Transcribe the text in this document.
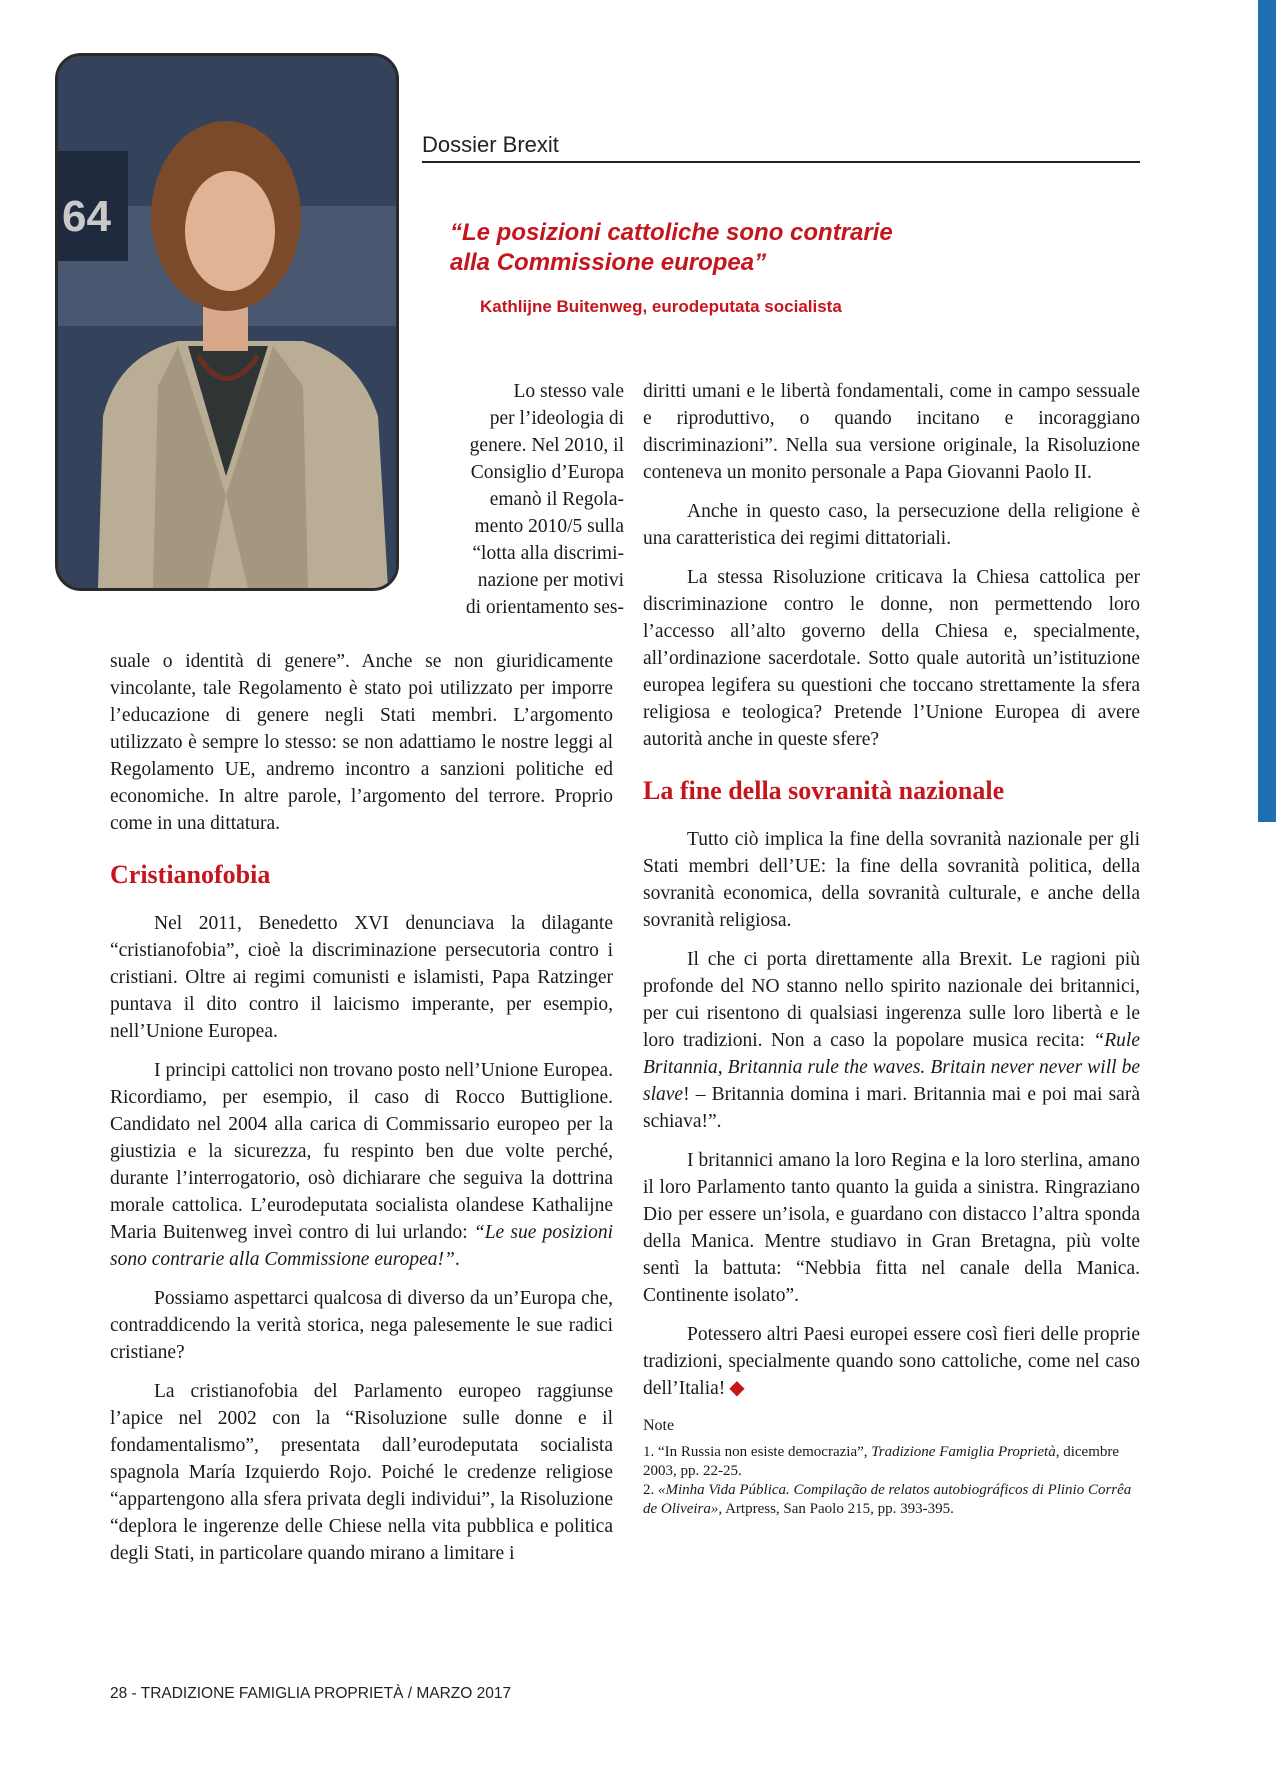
64
Dossier Brexit
“Le posizioni cattoliche sono contrarie
alla Commissione europea”
Kathlijne Buitenweg, eurodeputata socialista
Lo stesso vale
per l’ideologia di
genere. Nel 2010, il
Consiglio d’Europa
emanò il Regola-
mento 2010/5 sulla
“lotta alla discrimi-
nazione per motivi
di orientamento ses-

suale o identità di genere”. Anche se non giuridicamente vincolante, tale Regolamento è stato poi utilizzato per imporre l’educazione di genere negli Stati membri. L’argomento utilizzato è sempre lo stesso: se non adattiamo le nostre leggi al Regolamento UE, andremo incontro a sanzioni politiche ed economiche. In altre parole, l’argomento del terrore. Proprio come in una dittatura.

Cristianofobia

Nel 2011, Benedetto XVI denunciava la dilagante “cristianofobia”, cioè la discriminazione persecutoria contro i cristiani. Oltre ai regimi comunisti e islamisti, Papa Ratzinger puntava il dito contro il laicismo imperante, per esempio, nell’Unione Europea.

I principi cattolici non trovano posto nell’Unione Europea. Ricordiamo, per esempio, il caso di Rocco Buttiglione. Candidato nel 2004 alla carica di Commissario europeo per la giustizia e la sicurezza, fu respinto ben due volte perché, durante l’interrogatorio, osò dichiarare che seguiva la dottrina morale cattolica. L’eurodeputata socialista olandese Kathalijne Maria Buitenweg inveì contro di lui urlando: “Le sue posizioni sono contrarie alla Commissione europea!”.

Possiamo aspettarci qualcosa di diverso da un’Europa che, contraddicendo la verità storica, nega palesemente le sue radici cristiane?

La cristianofobia del Parlamento europeo raggiunse l’apice nel 2002 con la “Risoluzione sulle donne e il fondamentalismo”, presentata dall’eurodeputata socialista spagnola María Izquierdo Rojo. Poiché le credenze religiose “appartengono alla sfera privata degli individui”, la Risoluzione “deplora le ingerenze delle Chiese nella vita pubblica e politica degli Stati, in particolare quando mirano a limitare i

diritti umani e le libertà fondamentali, come in campo sessuale e riproduttivo, o quando incitano e incoraggiano discriminazioni”. Nella sua versione originale, la Risoluzione conteneva un monito personale a Papa Giovanni Paolo II.

Anche in questo caso, la persecuzione della religione è una caratteristica dei regimi dittatoriali.

La stessa Risoluzione criticava la Chiesa cattolica per discriminazione contro le donne, non permettendo loro l’accesso all’alto governo della Chiesa e, specialmente, all’ordinazione sacerdotale. Sotto quale autorità un’istituzione europea legifera su questioni che toccano strettamente la sfera religiosa e teologica? Pretende l’Unione Europea di avere autorità anche in queste sfere?

La fine della sovranità nazionale

Tutto ciò implica la fine della sovranità nazionale per gli Stati membri dell’UE: la fine della sovranità politica, della sovranità economica, della sovranità culturale, e anche della sovranità religiosa.

Il che ci porta direttamente alla Brexit. Le ragioni più profonde del NO stanno nello spirito nazionale dei britannici, per cui risentono di qualsiasi ingerenza sulle loro libertà e le loro tradizioni. Non a caso la popolare musica recita: “Rule Britannia, Britannia rule the waves. Britain never never will be slave! – Britannia domina i mari. Britannia mai e poi mai sarà schiava!”.

I britannici amano la loro Regina e la loro sterlina, amano il loro Parlamento tanto quanto la guida a sinistra. Ringraziano Dio per essere un’isola, e guardano con distacco l’altra sponda della Manica. Mentre studiavo in Gran Bretagna, più volte sentì la battuta: “Nebbia fitta nel canale della Manica. Continente isolato”.

Potessero altri Paesi europei essere così fieri delle proprie tradizioni, specialmente quando sono cattoliche, come nel caso dell’Italia! ◆

Note

1. “In Russia non esiste democrazia”, Tradizione Famiglia Proprietà, dicembre 2003, pp. 22-25.

2. «Minha Vida Pública. Compilação de relatos autobiográficos di Plinio Corrêa de Oliveira», Artpress, San Paolo 215, pp. 393-395.

28 - TRADIZIONE FAMIGLIA PROPRIETÀ / MARZO 2017
